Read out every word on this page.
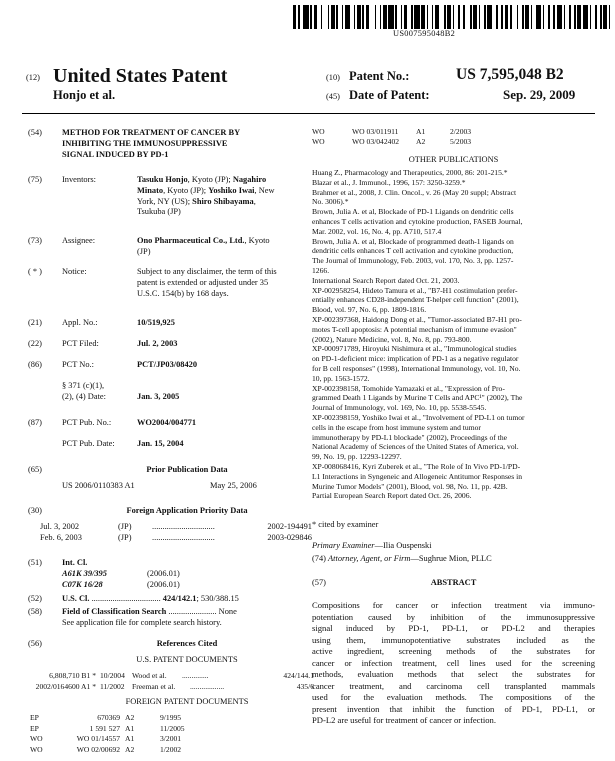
US007595048B2
(12) United States Patent
Honjo et al.
(10) Patent No.:	US 7,595,048 B2
(45) Date of Patent:	Sep. 29, 2009
(54) METHOD FOR TREATMENT OF CANCER BY
INHIBITING THE IMMUNOSUPPRESSIVE
SIGNAL INDUCED BY PD-1
(75) Inventors:	Tasuku Honjo, Kyoto (JP); Nagahiro
Minato, Kyoto (JP); Yoshiko Iwai, New
York, NY (US); Shiro Shibayama,
Tsukuba (JP)
(73) Assignee:	Ono Pharmaceutical Co., Ltd., Kyoto
(JP)
( * ) Notice:	Subject to any disclaimer, the term of this
patent is extended or adjusted under 35
U.S.C. 154(b) by 168 days.
(21) Appl. No.:	10/519,925
(22) PCT Filed:	Jul. 2, 2003
(86) PCT No.:	PCT/JP03/08420
§ 371 (c)(1),
(2), (4) Date:	Jan. 3, 2005
(87) PCT Pub. No.:	WO2004/004771
PCT Pub. Date:	Jan. 15, 2004
(65)	Prior Publication Data
US 2006/0110383 A1	May 25, 2006
(30)	Foreign Application Priority Data
Jul. 3, 2002	(JP) ..............................	2002-194491
Feb. 6, 2003	(JP) ..............................	2003-029846
(51) Int. Cl.
A61K 39/395	(2006.01)
C07K 16/28	(2006.01)
(52) U.S. Cl. ................................. 424/142.1; 530/388.15
(58) Field of Classification Search ....................... None
See application file for complete search history.
(56)	References Cited
U.S. PATENT DOCUMENTS
6,808,710 B1 * 10/2004 Wood et al. ..............	424/144.1
2002/0164600 A1 * 11/2002 Freeman et al. ..................	435/6
FOREIGN PATENT DOCUMENTS
EP	670369 A2	9/1995
EP	1 591 527 A1	11/2005
WO	WO 01/14557 A1	3/2001
WO	WO 02/00692 A2	1/2002
WO	WO 03/011911 A1	2/2003
WO	WO 03/042402 A2	5/2003
OTHER PUBLICATIONS
Huang Z., Pharmacology and Therapeutics, 2000, 86: 201-215.*
Blazar et al., J. Immunol., 1996, 157: 3250-3259.*
Brahmer et al., 2008, J. Clin. Oncol., v. 26 (May 20 suppl; Abstract
No. 3006).*
Brown, Julia A. et al, Blockade of PD-1 Ligands on dendritic cells
enhances T cells activation and cytokine production, FASEB Journal,
Mar. 2002, vol. 16, No. 4, pp. A710, 517.4
Brown, Julia A. et al, Blockade of programmed death-1 ligands on
dendritic cells enhances T cell activation and cytokine production,
The Journal of Immunology, Feb. 2003, vol. 170, No. 3, pp. 1257-
1266.
International Search Report dated Oct. 21, 2003.
XP-002958254, Hideto Tamura et al., "B7-H1 costimulation prefer-
entially enhances CD28-independent T-helper cell function" (2001),
Blood, vol. 97, No. 6, pp. 1809-1816.
XP-002397368, Haidong Dong et al., "Tumor-associated B7-H1 pro-
motes T-cell apoptosis: A potential mechanism of immune evasion"
(2002), Nature Medicine, vol. 8, No. 8, pp. 793-800.
XP-000971789, Hiroyuki Nishimura et al., "Immunological studies
on PD-1-deficient mice: implication of PD-1 as a negative regulator
for B cell responses" (1998), International Immunology, vol. 10, No.
10, pp. 1563-1572.
XP-002398158, Tomohide Yamazaki et al., "Expression of Pro-
grammed Death 1 Ligands by Murine T Cells and APC¹" (2002), The
Journal of Immunology, vol. 169, No. 10, pp. 5538-5545.
XP-002398159, Yoshiko Iwai et al., "Involvement of PD-L1 on tumor
cells in the escape from host immune system and tumor
immunotherapy by PD-L1 blockade" (2002), Proceedings of the
National Academy of Sciences of the United States of America, vol.
99, No. 19, pp. 12293-12297.
XP-008068416, Kyri Zuberek et al., "The Role of In Vivo PD-1/PD-
L1 Interactions in Syngeneic and Allogeneic Antitumor Responses in
Murine Tumor Models" (2001), Blood, vol. 98, No. 11, pp. 42B.
Partial European Search Report dated Oct. 26, 2006.
* cited by examiner
Primary Examiner—Ilia Ouspenski
(74) Attorney, Agent, or Firm—Sughrue Mion, PLLC
(57)	ABSTRACT
Compositions for cancer or infection treatment via immuno-
potentiation caused by inhibition of the immunosuppressive
signal induced by PD-1, PD-L1, or PD-L2 and therapies
using them, immunopotentiative substrates included as the
active ingredient, screening methods of the substrates for
cancer or infection treatment, cell lines used for the screening
methods, evaluation methods that select the substrates for
cancer treatment, and carcinoma cell transplanted mammals
used for the evaluation methods. The compositions of the
present invention that inhibit the function of PD-1, PD-L1, or
PD-L2 are useful for treatment of cancer or infection.
